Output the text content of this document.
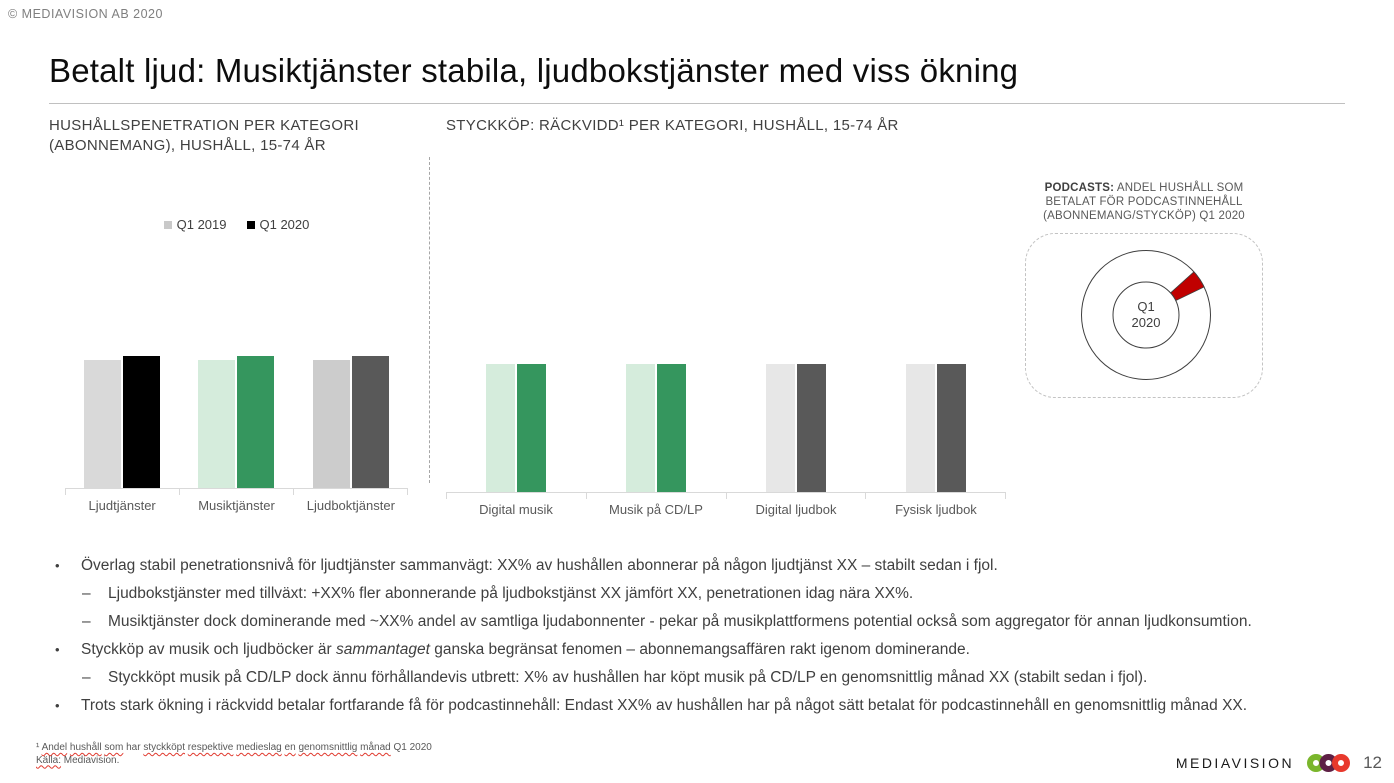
© MEDIAVISION AB 2020
Betalt ljud: Musiktjänster stabila, ljudbokstjänster med viss ökning
HUSHÅLLSPENETRATION PER KATEGORI
(ABONNEMANG), HUSHÅLL, 15-74 ÅR
Q1 2019	Q1 2020
Ljudtjänster	Musiktjänster	Ljudboktjänster
STYCKKÖP: RÄCKVIDD¹ PER KATEGORI, HUSHÅLL, 15-74 ÅR
Digital musik	Musik på CD/LP	Digital ljudbok	Fysisk ljudbok
PODCASTS: ANDEL HUSHÅLL SOM
BETALAT FÖR PODCASTINNEHÅLL
(ABONNEMANG/STYCKÖP) Q1 2020
Q1
2020
• Överlag stabil penetrationsnivå för ljudtjänster sammanvägt: XX% av hushållen abonnerar på någon ljudtjänst XX – stabilt sedan i fjol.
– Ljudbokstjänster med tillväxt: +XX% fler abonnerande på ljudbokstjänst XX jämfört XX, penetrationen idag nära XX%.
– Musiktjänster dock dominerande med ~XX% andel av samtliga ljudabonnenter - pekar på musikplattformens potential också som aggregator för annan ljudkonsumtion.
• Styckköp av musik och ljudböcker är sammantaget ganska begränsat fenomen – abonnemangsaffären rakt igenom dominerande.
– Styckköpt musik på CD/LP dock ännu förhållandevis utbrett: X% av hushållen har köpt musik på CD/LP en genomsnittlig månad XX (stabilt sedan i fjol).
• Trots stark ökning i räckvidd betalar fortfarande få för podcastinnehåll: Endast XX% av hushållen har på något sätt betalat för podcastinnehåll en genomsnittlig månad XX.
¹ Andel hushåll som har styckköpt respektive medieslag en genomsnittlig månad Q1 2020
Källa: Mediavision.	MEDIAVISION	12
